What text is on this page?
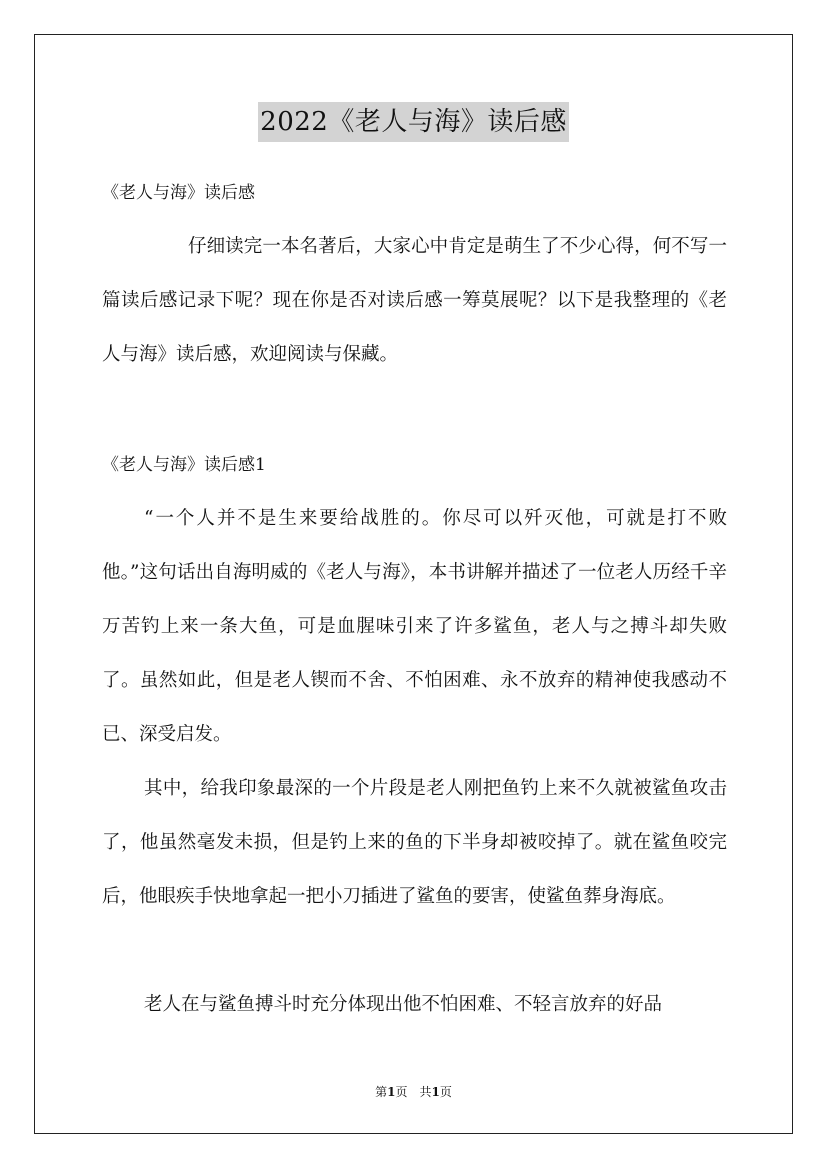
2022《老人与海》读后感

《老人与海》读后感

仔细读完一本名著后，大家心中肯定是萌生了不少心得，何不写一篇读后感记录下呢？现在你是否对读后感一筹莫展呢？以下是我整理的《老人与海》读后感，欢迎阅读与保藏。

《老人与海》读后感1

“一个人并不是生来要给战胜的。你尽可以歼灭他，可就是打不败他。”这句话出自海明威的《老人与海》，本书讲解并描述了一位老人历经千辛万苦钓上来一条大鱼，可是血腥味引来了许多鲨鱼，老人与之搏斗却失败了。虽然如此，但是老人锲而不舍、不怕困难、永不放弃的精神使我感动不已、深受启发。

其中，给我印象最深的一个片段是老人刚把鱼钓上来不久就被鲨鱼攻击了，他虽然毫发未损，但是钓上来的鱼的下半身却被咬掉了。就在鲨鱼咬完后，他眼疾手快地拿起一把小刀插进了鲨鱼的要害，使鲨鱼葬身海底。

老人在与鲨鱼搏斗时充分体现出他不怕困难、不轻言放弃的好品

第1页　共1页
